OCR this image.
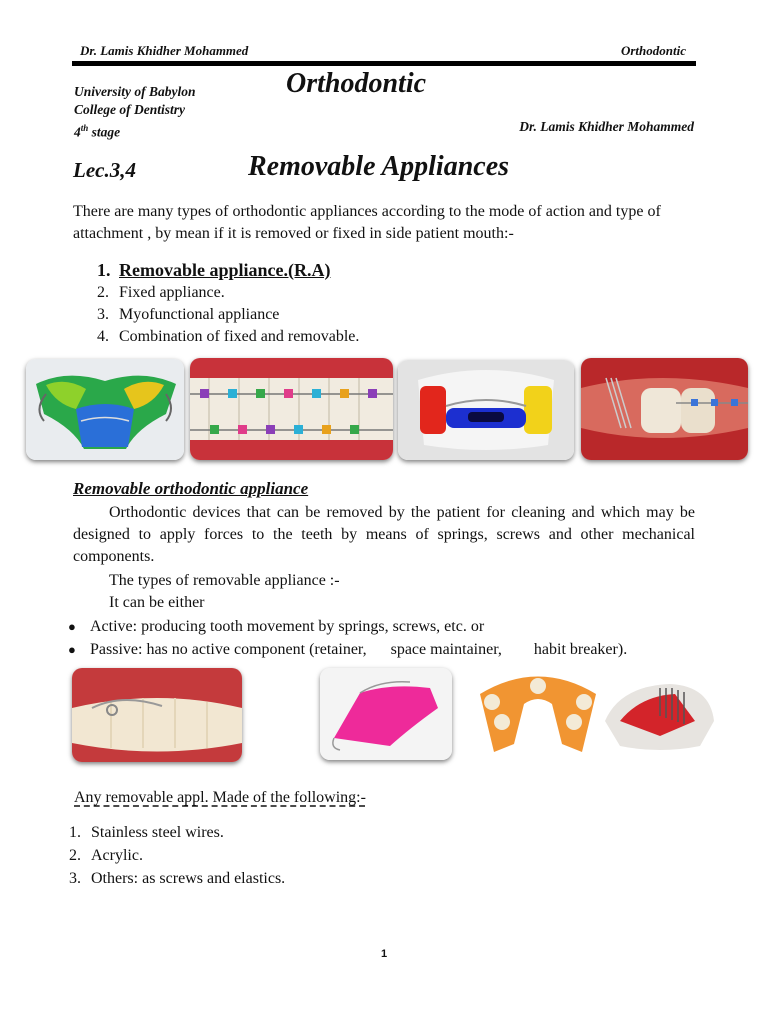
Dr. Lamis Khidher Mohammed	Orthodontic
University of Babylon
College of Dentistry
4th stage
Orthodontic
Dr. Lamis Khidher Mohammed
Lec.3,4	Removable Appliances
There are many types of orthodontic appliances according to the mode of action and type of attachment , by mean if it is removed or fixed in side patient mouth:-
1. Removable appliance.(R.A)
2. Fixed appliance.
3. Myofunctional appliance
4. Combination of fixed and removable.
Removable orthodontic appliance
Orthodontic devices that can be removed by the patient for cleaning and which may be designed to apply forces to the teeth by means of springs, screws and other mechanical components.
The types of removable appliance :-
It can be either
● Active: producing tooth movement by springs, screws, etc. or
● Passive: has no active component (retainer,      space maintainer,        habit breaker).
Any removable appl. Made of the following:-
1. Stainless steel wires.
2. Acrylic.
3. Others: as screws and elastics.
1
